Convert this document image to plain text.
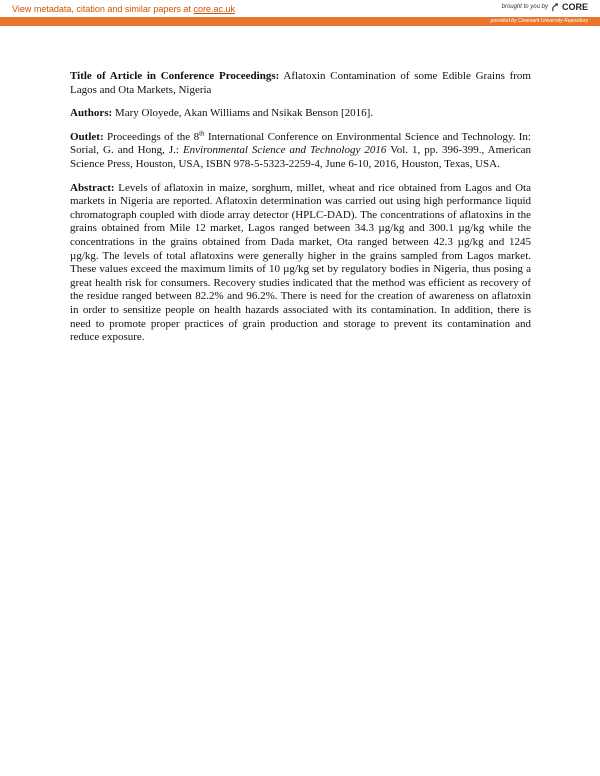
View metadata, citation and similar papers at core.ac.uk	brought to you by CORE
provided by Covenant University Repository

Title of Article in Conference Proceedings: Aflatoxin Contamination of some Edible Grains from Lagos and Ota Markets, Nigeria

Authors: Mary Oloyede, Akan Williams and Nsikak Benson [2016].

Outlet: Proceedings of the 8th International Conference on Environmental Science and Technology. In: Sorial, G. and Hong, J.: Environmental Science and Technology 2016 Vol. 1, pp. 396-399., American Science Press, Houston, USA, ISBN 978-5-5323-2259-4, June 6-10, 2016, Houston, Texas, USA.

Abstract: Levels of aflatoxin in maize, sorghum, millet, wheat and rice obtained from Lagos and Ota markets in Nigeria are reported. Aflatoxin determination was carried out using high performance liquid chromatograph coupled with diode array detector (HPLC-DAD). The concentrations of aflatoxins in the grains obtained from Mile 12 market, Lagos ranged between 34.3 µg/kg and 300.1 µg/kg while the concentrations in the grains obtained from Dada market, Ota ranged between 42.3 µg/kg and 1245 µg/kg. The levels of total aflatoxins were generally higher in the grains sampled from Lagos market. These values exceed the maximum limits of 10 µg/kg set by regulatory bodies in Nigeria, thus posing a great health risk for consumers. Recovery studies indicated that the method was efficient as recovery of the residue ranged between 82.2% and 96.2%. There is need for the creation of awareness on aflatoxin in order to sensitize people on health hazards associated with its contamination. In addition, there is need to promote proper practices of grain production and storage to prevent its contamination and reduce exposure.
